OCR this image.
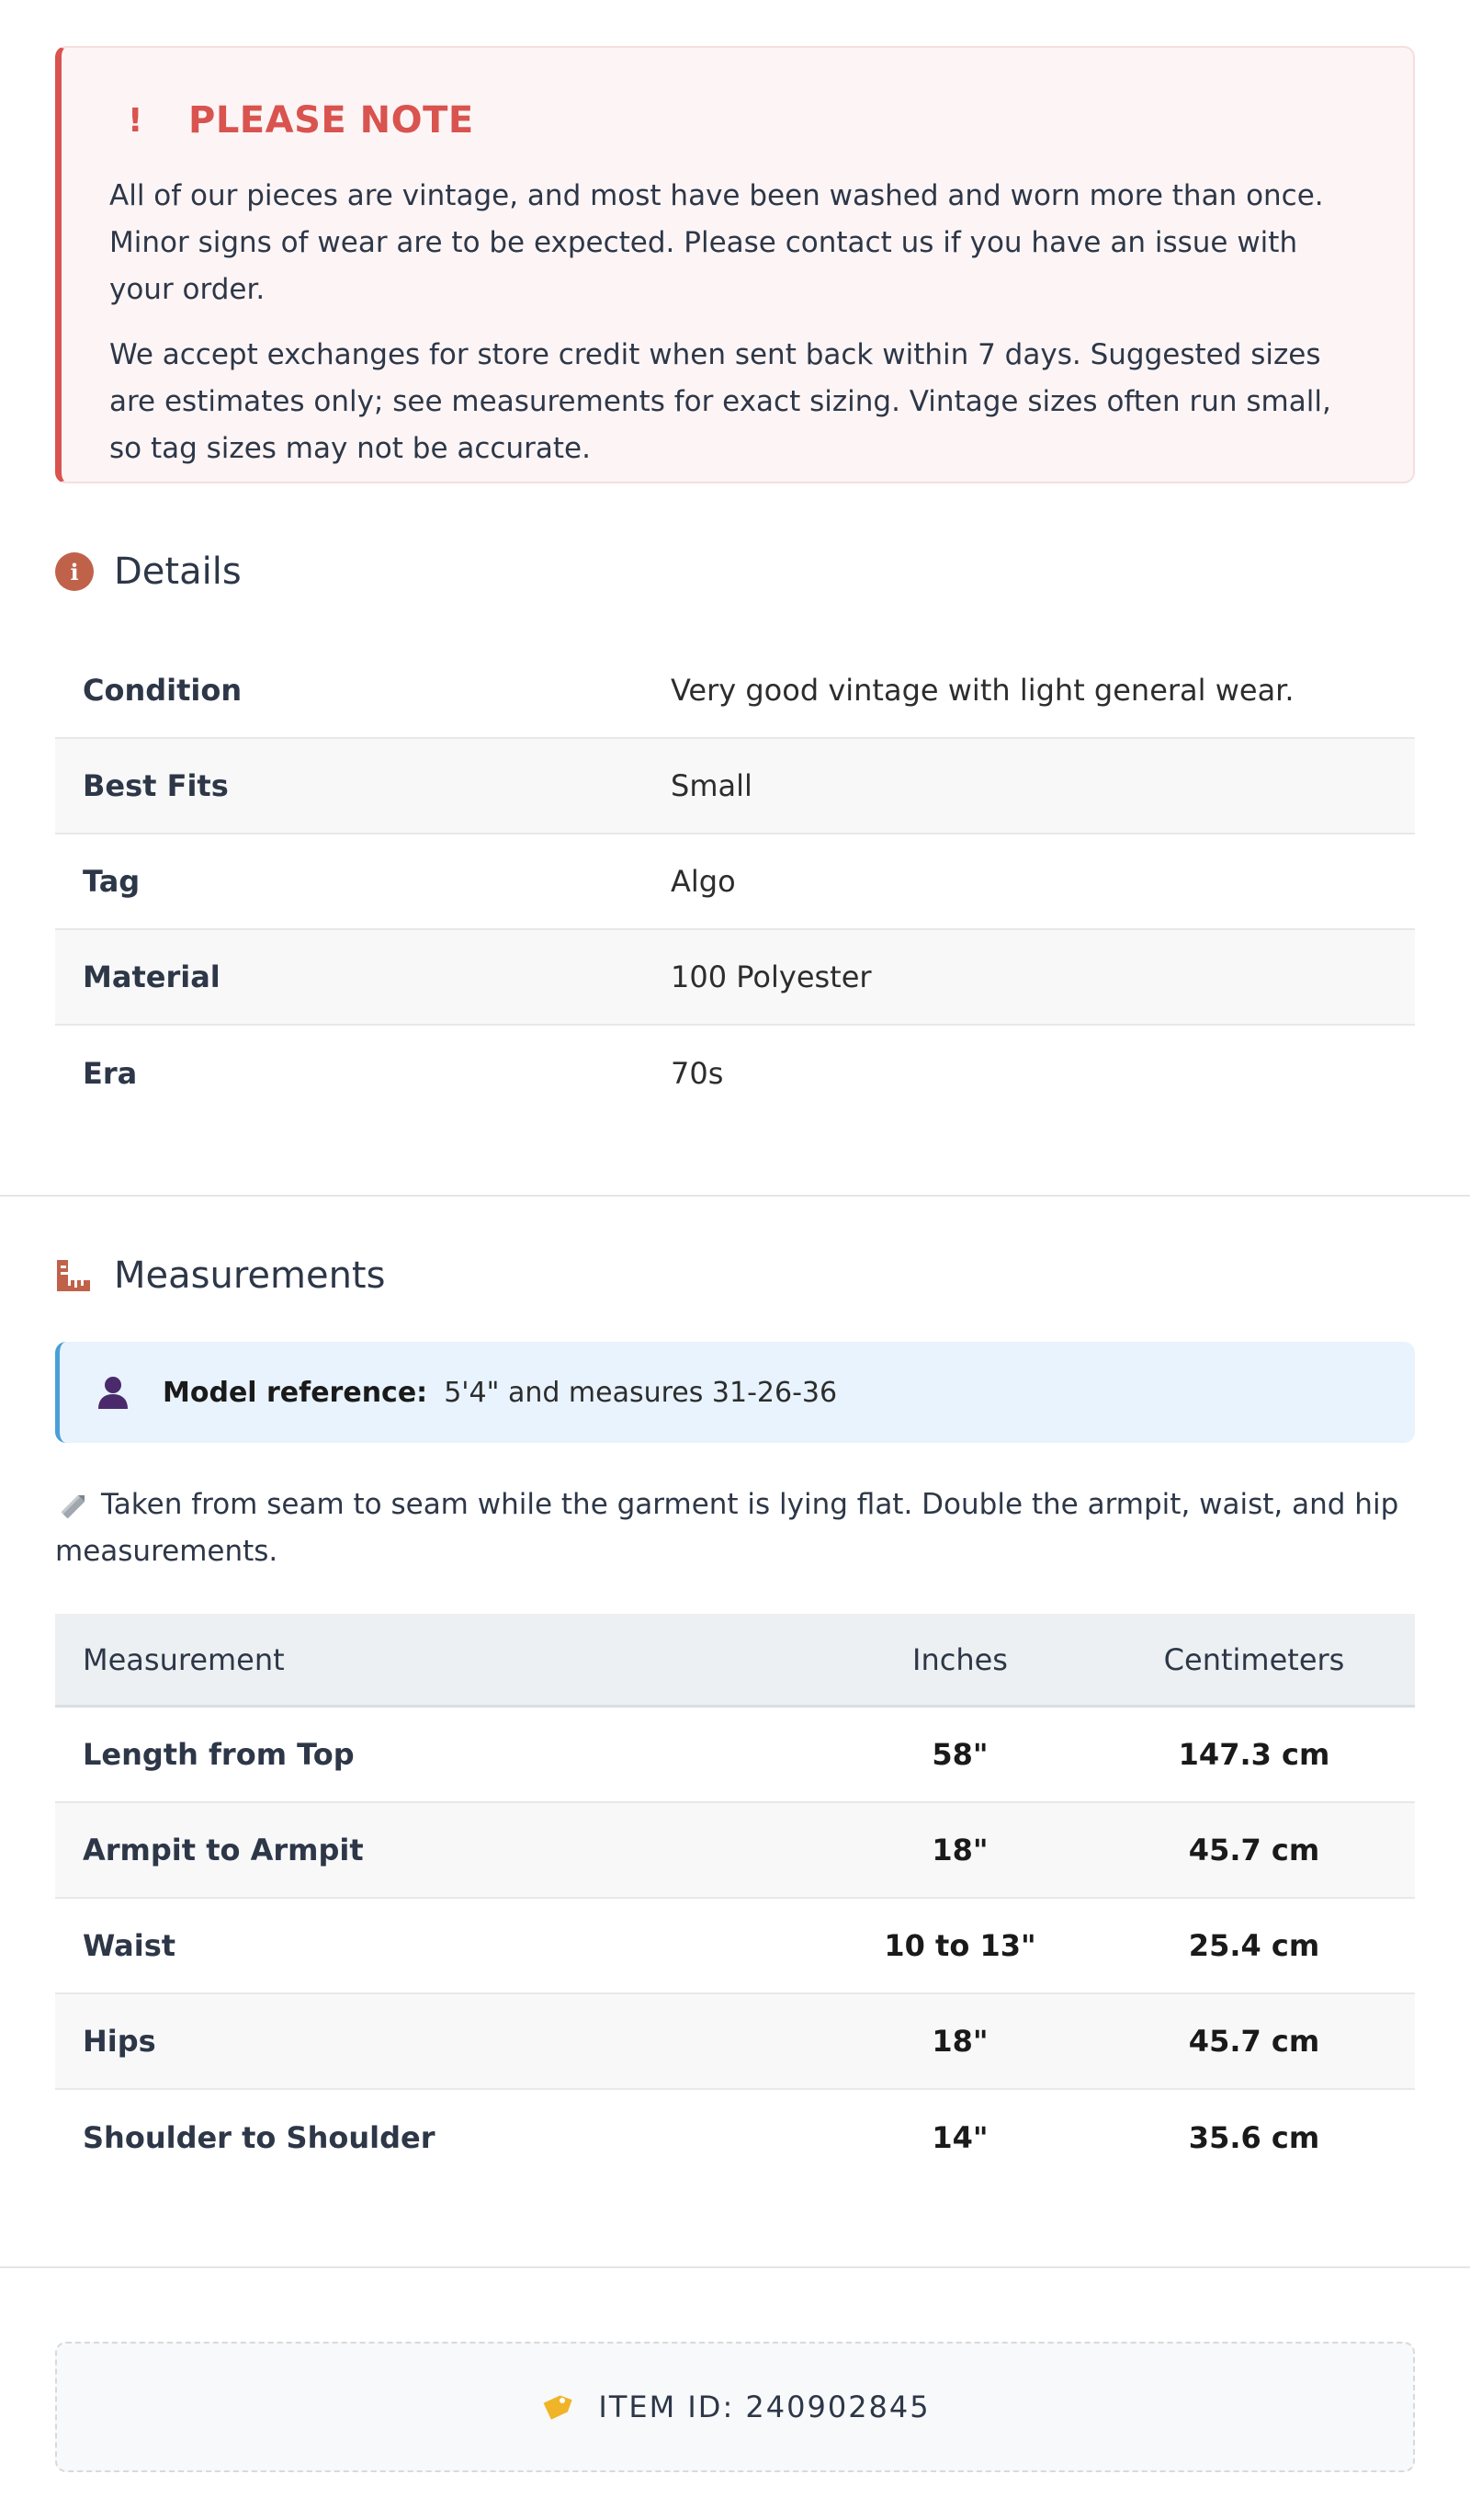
!	PLEASE NOTE

All of our pieces are vintage, and most have been washed and worn more than once. Minor signs of wear are to be expected. Please contact us if you have an issue with your order.

We accept exchanges for store credit when sent back within 7 days. Suggested sizes are estimates only; see measurements for exact sizing. Vintage sizes often run small, so tag sizes may not be accurate.

i Details
Condition	Very good vintage with light general wear.
Best Fits	Small
Tag	Algo
Material	100 Polyester
Era	70s
Measurements
Model reference: 5'4" and measures 31-26-36
Taken from seam to seam while the garment is lying flat. Double the armpit, waist, and hip measurements.
Measurement	Inches	Centimeters
Length from Top	58"	147.3 cm
Armpit to Armpit	18"	45.7 cm
Waist	10 to 13"	25.4 cm
Hips	18"	45.7 cm
Shoulder to Shoulder	14"	35.6 cm
ITEM ID: 240902845
